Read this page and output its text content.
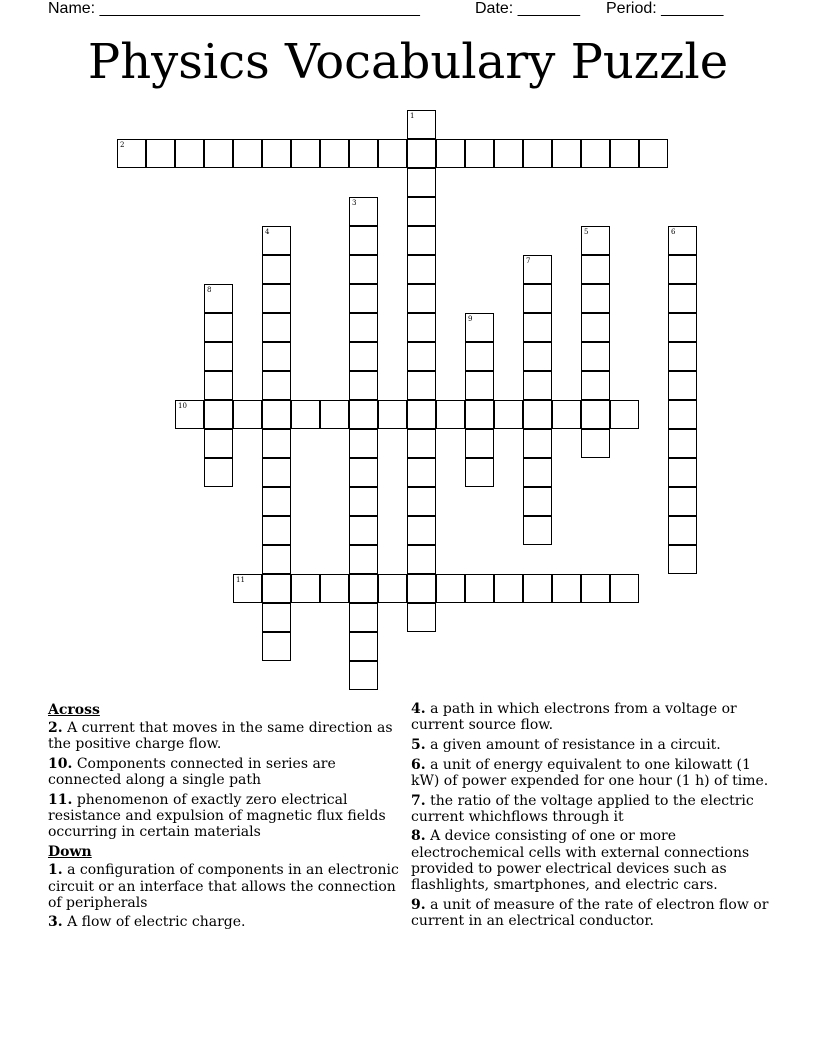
Name: ____________________________________	Date: _______ Period: _______
Physics Vocabulary Puzzle
1
2
3
4	5	6
7
8
9
10
11
Across
2. A current that moves in the same direction as the positive charge flow.
10. Components connected in series are connected along a single path
11. phenomenon of exactly zero electrical resistance and expulsion of magnetic flux fields occurring in certain materials
Down
1. a configuration of components in an electronic circuit or an interface that allows the connection of peripherals
3. A flow of electric charge.
4. a path in which electrons from a voltage or current source flow.
5. a given amount of resistance in a circuit.
6. a unit of energy equivalent to one kilowatt (1 kW) of power expended for one hour (1 h) of time.
7. the ratio of the voltage applied to the electric current whichflows through it
8. A device consisting of one or more electrochemical cells with external connections provided to power electrical devices such as flashlights, smartphones, and electric cars.
9. a unit of measure of the rate of electron flow or current in an electrical conductor.
